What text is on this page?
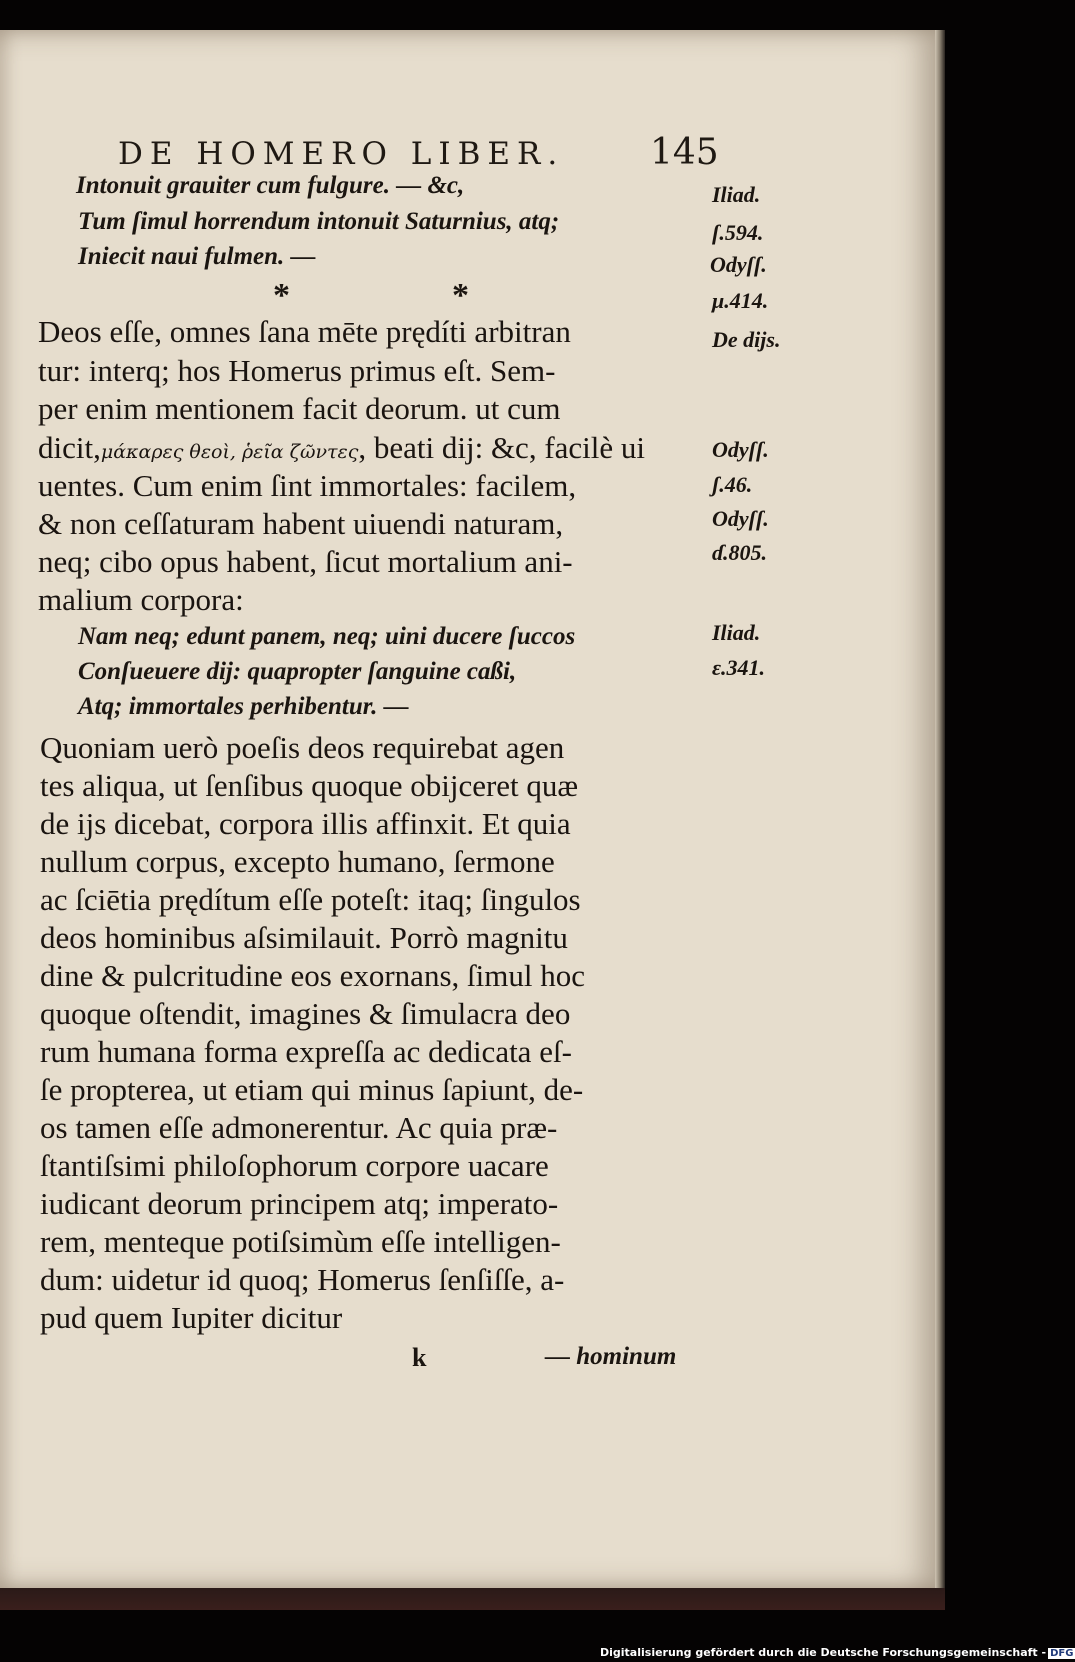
DE HOMERO LIBER. 145
Intonuit grauiter cum fulgure. — &c,
Tum ſimul horrendum intonuit Saturnius, atq;
Iniecit naui fulmen. —
*	*
Deos eſſe, omnes ſana mēte prędíti arbitran
tur: interq; hos Homerus primus eſt. Sem-
per enim mentionem facit deorum. ut cum
dicit,μάκαρες θεοὶ, ῥεῖα ζῶντες, beati dij: &c, facilè ui
uentes. Cum enim ſint immortales: facilem,
& non ceſſaturam habent uiuendi naturam,
neq; cibo opus habent, ſicut mortalium ani-
malium corpora:
Nam neq; edunt panem, neq; uini ducere ſuccos
Conſueuere dij: quapropter ſanguine caßi,
Atq; immortales perhibentur. —
Quoniam uerò poeſis deos requirebat agen
tes aliqua, ut ſenſibus quoque obijceret quæ
de ijs dicebat, corpora illis affinxit. Et quia
nullum corpus, excepto humano, ſermone
ac ſciētia prędítum eſſe poteſt: itaq; ſingulos
deos hominibus aſsimilauit. Porrò magnitu
dine & pulcritudine eos exornans, ſimul hoc
quoque oſtendit, imagines & ſimulacra deo
rum humana forma expreſſa ac dedicata eſ-
ſe propterea, ut etiam qui minus ſapiunt, de-
os tamen eſſe admonerentur. Ac quia præ-
ſtantiſsimi philoſophorum corpore uacare
iudicant deorum principem atq; imperato-
rem, menteque potiſsimùm eſſe intelligen-
dum: uidetur id quoq; Homerus ſenſiſſe, a-
pud quem Iupiter dicitur
k	— hominum
Iliad.
ſ.594.
Odyſſ.
μ.414.
De dijs.
Odyſſ.
ʃ.46.
Odyſſ.
ɗ.805.
Iliad.
ε.341.
Digitalisierung gefördert durch die Deutsche Forschungsgemeinschaft - DFG
